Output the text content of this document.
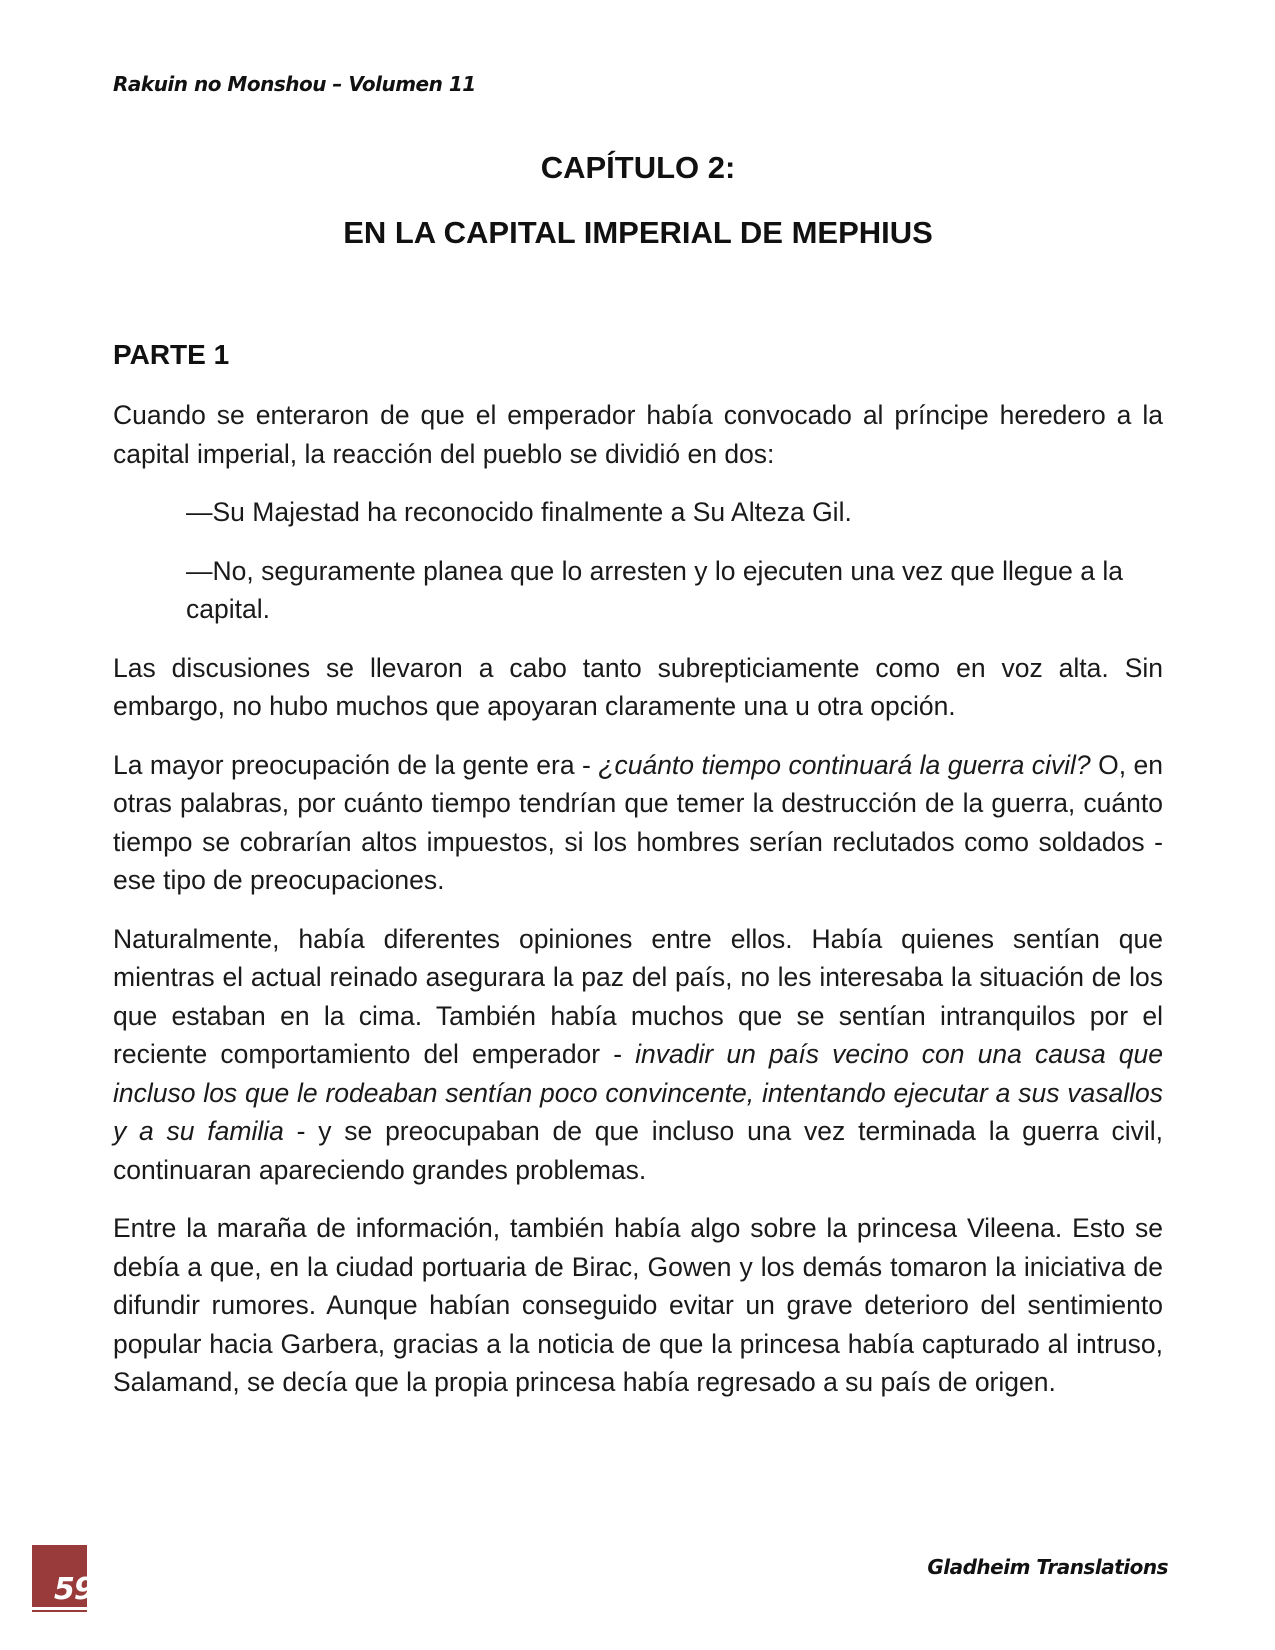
Rakuin no Monshou – Volumen 11
CAPÍTULO 2:
EN LA CAPITAL IMPERIAL DE MEPHIUS
PARTE 1

Cuando se enteraron de que el emperador había convocado al príncipe heredero a la capital imperial, la reacción del pueblo se dividió en dos:

—Su Majestad ha reconocido finalmente a Su Alteza Gil.

—No, seguramente planea que lo arresten y lo ejecuten una vez que llegue a la capital.

Las discusiones se llevaron a cabo tanto subrepticiamente como en voz alta. Sin embargo, no hubo muchos que apoyaran claramente una u otra opción.

La mayor preocupación de la gente era - ¿cuánto tiempo continuará la guerra civil? O, en otras palabras, por cuánto tiempo tendrían que temer la destrucción de la guerra, cuánto tiempo se cobrarían altos impuestos, si los hombres serían reclutados como soldados - ese tipo de preocupaciones.

Naturalmente, había diferentes opiniones entre ellos. Había quienes sentían que mientras el actual reinado asegurara la paz del país, no les interesaba la situación de los que estaban en la cima. También había muchos que se sentían intranquilos por el reciente comportamiento del emperador - invadir un país vecino con una causa que incluso los que le rodeaban sentían poco convincente, intentando ejecutar a sus vasallos y a su familia - y se preocupaban de que incluso una vez terminada la guerra civil, continuaran apareciendo grandes problemas.

Entre la maraña de información, también había algo sobre la princesa Vileena. Esto se debía a que, en la ciudad portuaria de Birac, Gowen y los demás tomaron la iniciativa de difundir rumores. Aunque habían conseguido evitar un grave deterioro del sentimiento popular hacia Garbera, gracias a la noticia de que la princesa había capturado al intruso, Salamand, se decía que la propia princesa había regresado a su país de origen.

59
Gladheim Translations
